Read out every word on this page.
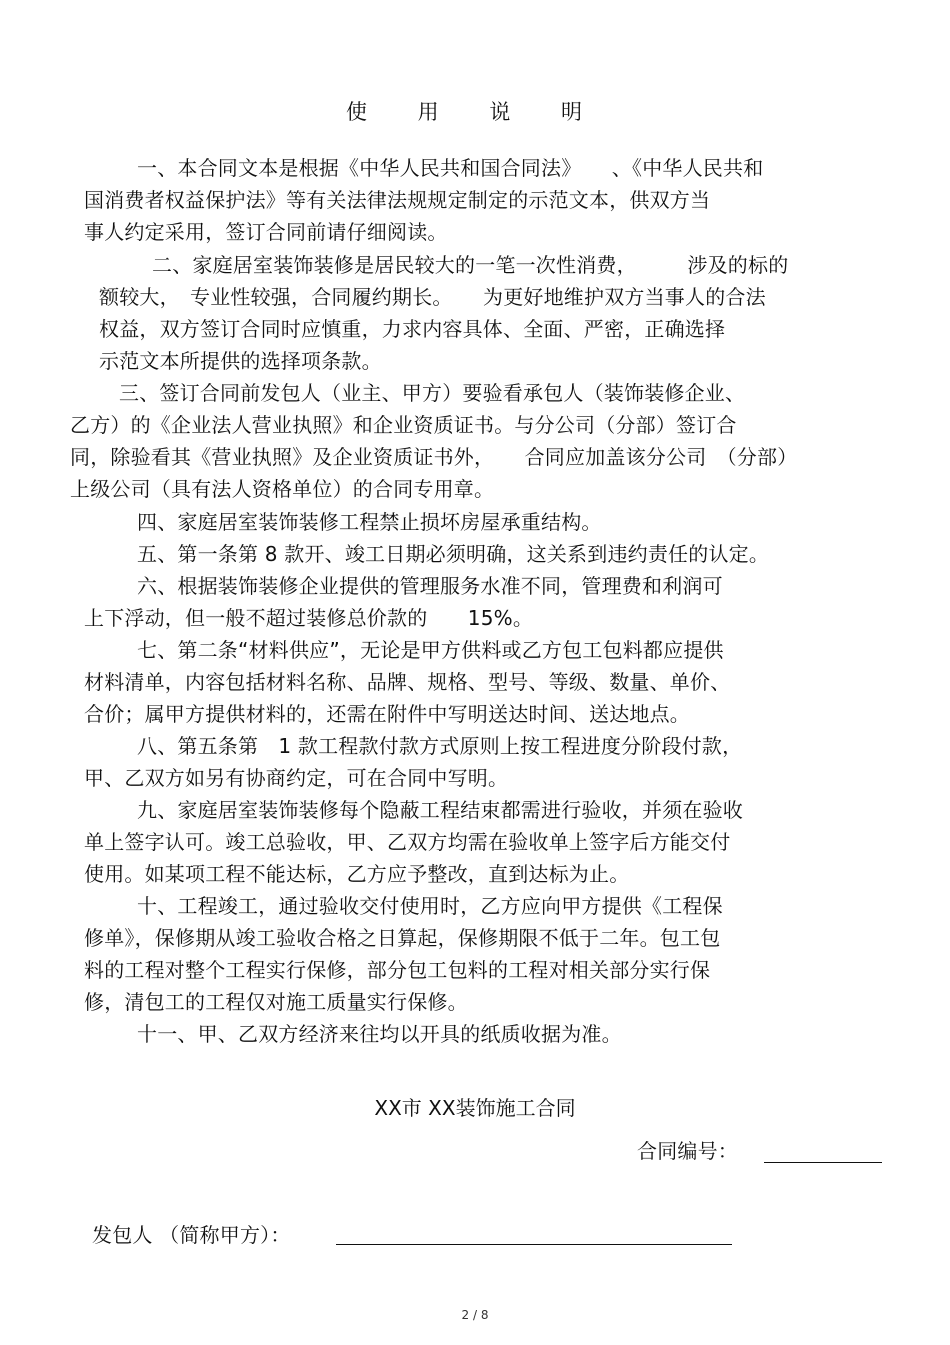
使 用 说 明
一、本合同文本是根据《中华人民共和国合同法》　　、《中华人民共和
国消费者权益保护法》等有关法律法规规定制定的示范文本，供双方当
事人约定采用，签订合同前请仔细阅读。
二、家庭居室装饰装修是居民较大的一笔一次性消费，　　　涉及的标的
额较大，　专业性较强，合同履约期长。　　为更好地维护双方当事人的合法
权益，双方签订合同时应慎重，力求内容具体、全面、严密，正确选择
示范文本所提供的选择项条款。
三、签订合同前发包人（业主、甲方）要验看承包人（装饰装修企业、
乙方）的《企业法人营业执照》和企业资质证书。与分公司（分部）签订合
同，除验看其《营业执照》及企业资质证书外，　　合同应加盖该分公司　（分部）
上级公司（具有法人资格单位）的合同专用章。
四、家庭居室装饰装修工程禁止损坏房屋承重结构。
五、第一条第 8 款开、竣工日期必须明确，这关系到违约责任的认定。
六、根据装饰装修企业提供的管理服务水准不同，管理费和利润可
上下浮动，但一般不超过装修总价款的　　15%。
七、第二条“材料供应”，无论是甲方供料或乙方包工包料都应提供
材料清单，内容包括材料名称、品牌、规格、型号、等级、数量、单价、
合价；属甲方提供材料的，还需在附件中写明送达时间、送达地点。
八、第五条第　1 款工程款付款方式原则上按工程进度分阶段付款，
甲、乙双方如另有协商约定，可在合同中写明。
九、家庭居室装饰装修每个隐蔽工程结束都需进行验收，并须在验收
单上签字认可。竣工总验收，甲、乙双方均需在验收单上签字后方能交付
使用。如某项工程不能达标，乙方应予整改，直到达标为止。
十、工程竣工，通过验收交付使用时，乙方应向甲方提供《工程保
修单》，保修期从竣工验收合格之日算起，保修期限不低于二年。包工包
料的工程对整个工程实行保修，部分包工包料的工程对相关部分实行保
修，清包工的工程仅对施工质量实行保修。
十一、甲、乙双方经济来往均以开具的纸质收据为准。
XX市 XX装饰施工合同
合同编号：
发包人 （简称甲方）：
2 / 8
